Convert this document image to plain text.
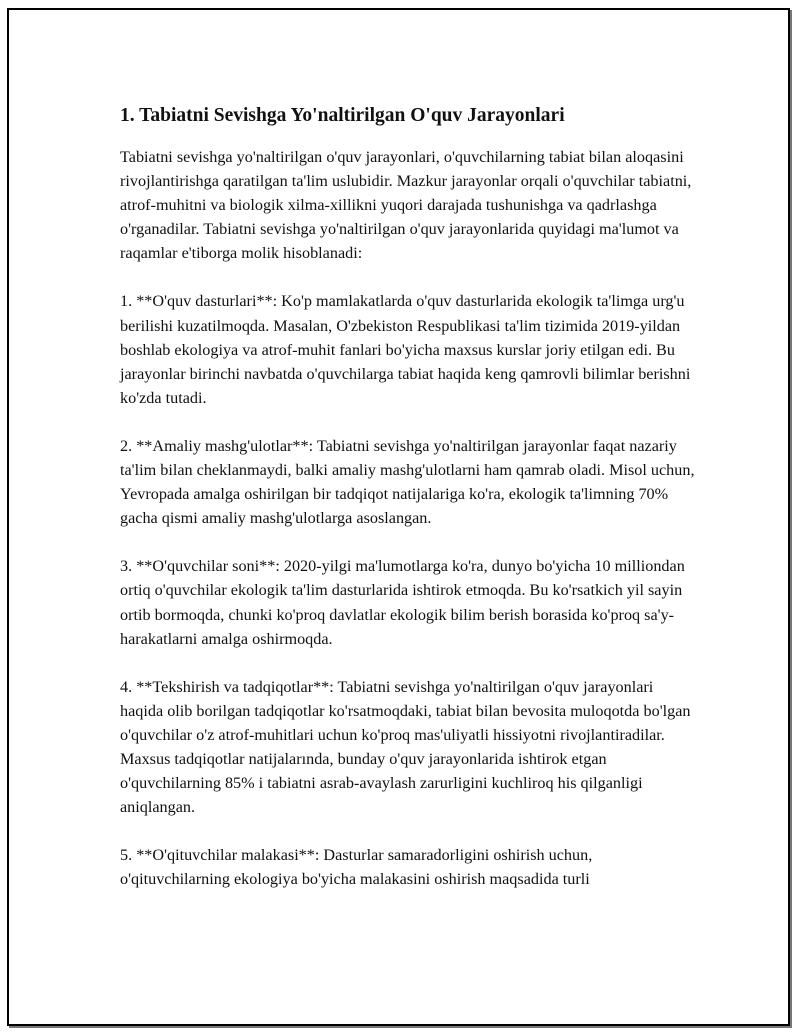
1. Tabiatni Sevishga Yo'naltirilgan O'quv Jarayonlari

Tabiatni sevishga yo'naltirilgan o'quv jarayonlari, o'quvchilarning tabiat bilan aloqasini rivojlantirishga qaratilgan ta'lim uslubidir. Mazkur jarayonlar orqali o'quvchilar tabiatni, atrof-muhitni va biologik xilma-xillikni yuqori darajada tushunishga va qadrlashga o'rganadilar. Tabiatni sevishga yo'naltirilgan o'quv jarayonlarida quyidagi ma'lumot va raqamlar e'tiborga molik hisoblanadi:

1. **O'quv dasturlari**: Ko'p mamlakatlarda o'quv dasturlarida ekologik ta'limga urg'u berilishi kuzatilmoqda. Masalan, O'zbekiston Respublikasi ta'lim tizimida 2019-yildan boshlab ekologiya va atrof-muhit fanlari bo'yicha maxsus kurslar joriy etilgan edi. Bu jarayonlar birinchi navbatda o'quvchilarga tabiat haqida keng qamrovli bilimlar berishni ko'zda tutadi.

2. **Amaliy mashg'ulotlar**: Tabiatni sevishga yo'naltirilgan jarayonlar faqat nazariy ta'lim bilan cheklanmaydi, balki amaliy mashg'ulotlarni ham qamrab oladi. Misol uchun, Yevropada amalga oshirilgan bir tadqiqot natijalariga ko'ra, ekologik ta'limning 70% gacha qismi amaliy mashg'ulotlarga asoslangan.

3. **O'quvchilar soni**: 2020-yilgi ma'lumotlarga ko'ra, dunyo bo'yicha 10 milliondan ortiq o'quvchilar ekologik ta'lim dasturlarida ishtirok etmoqda. Bu ko'rsatkich yil sayin ortib bormoqda, chunki ko'proq davlatlar ekologik bilim berish borasida ko'proq sa'y-harakatlarni amalga oshirmoqda.

4. **Tekshirish va tadqiqotlar**: Tabiatni sevishga yo'naltirilgan o'quv jarayonlari haqida olib borilgan tadqiqotlar ko'rsatmoqdaki, tabiat bilan bevosita muloqotda bo'lgan o'quvchilar o'z atrof-muhitlari uchun ko'proq mas'uliyatli hissiyotni rivojlantiradilar. Maxsus tadqiqotlar natijalarında, bunday o'quv jarayonlarida ishtirok etgan o'quvchilarning 85% i tabiatni asrab-avaylash zarurligini kuchliroq his qilganligi aniqlangan.

5. **O'qituvchilar malakasi**: Dasturlar samaradorligini oshirish uchun, o'qituvchilarning ekologiya bo'yicha malakasini oshirish maqsadida turli
